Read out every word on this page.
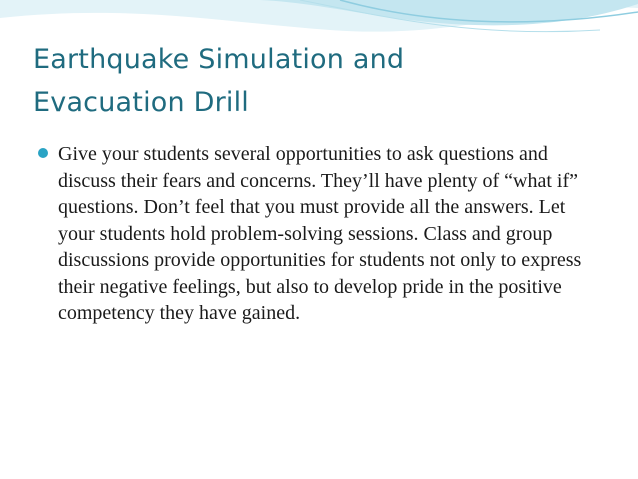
Earthquake Simulation and
Evacuation Drill

Give your students several opportunities to ask questions and discuss their fears and concerns. They’ll have plenty of “what if” questions. Don’t feel that you must provide all the answers. Let your students hold problem-solving sessions. Class and group discussions provide opportunities for students not only to express their negative feelings, but also to develop pride in the positive competency they have gained.
